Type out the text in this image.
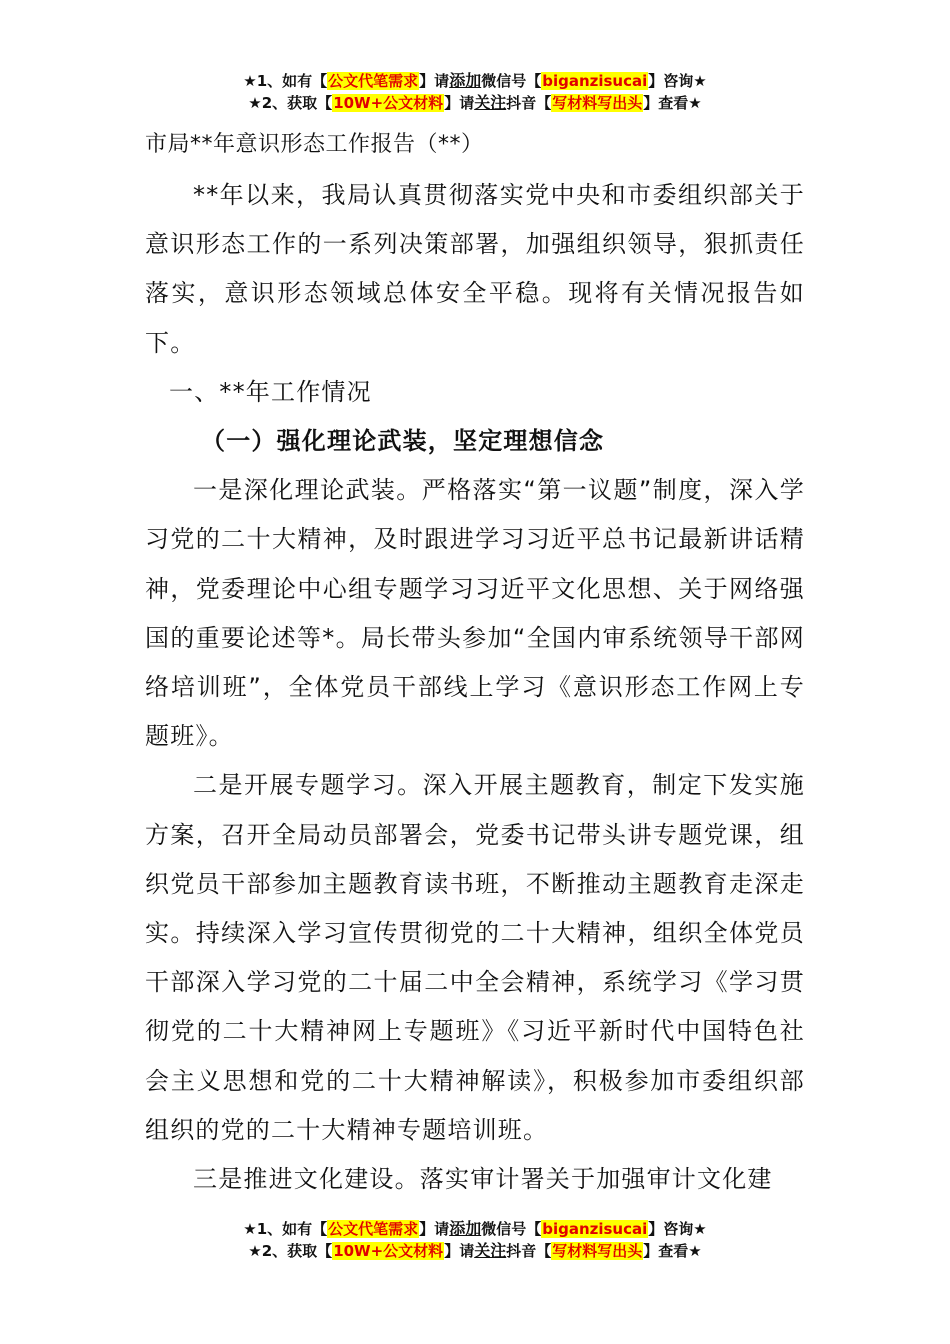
★1、如有【公文代笔需求】请添加微信号【biganzisucai】咨询★
★2、获取【10W+公文材料】请关注抖音【写材料写出头】查看★
市局**年意识形态工作报告（**）

**年以来，我局认真贯彻落实党中央和市委组织部关于意识形态工作的一系列决策部署，加强组织领导，狠抓责任落实，意识形态领域总体安全平稳。现将有关情况报告如下。

一、**年工作情况

（一）强化理论武装，坚定理想信念

一是深化理论武装。严格落实“第一议题”制度，深入学习党的二十大精神，及时跟进学习习近平总书记最新讲话精神，党委理论中心组专题学习习近平文化思想、关于网络强国的重要论述等*。局长带头参加“全国内审系统领导干部网络培训班”，全体党员干部线上学习《意识形态工作网上专题班》。

二是开展专题学习。深入开展主题教育，制定下发实施方案，召开全局动员部署会，党委书记带头讲专题党课，组织党员干部参加主题教育读书班，不断推动主题教育走深走实。持续深入学习宣传贯彻党的二十大精神，组织全体党员干部深入学习党的二十届二中全会精神，系统学习《学习贯彻党的二十大精神网上专题班》《习近平新时代中国特色社会主义思想和党的二十大精神解读》，积极参加市委组织部组织的党的二十大精神专题培训班。

三是推进文化建设。落实审计署关于加强审计文化建

★1、如有【公文代笔需求】请添加微信号【biganzisucai】咨询★
★2、获取【10W+公文材料】请关注抖音【写材料写出头】查看★
